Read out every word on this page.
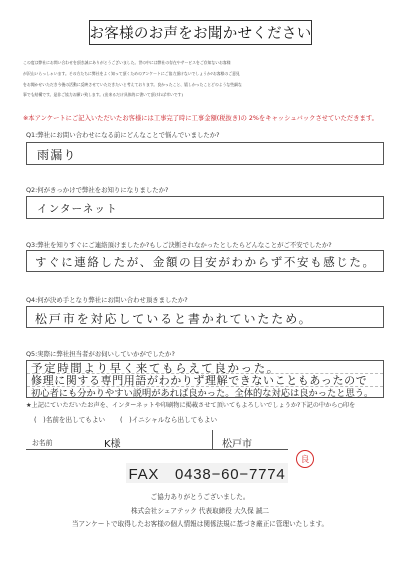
お客様のお声をお聞かせください
この度は弊社にお問い合わせを頂き誠にありがとうございました。世の中には弊社の存在やサービスをご存知ないお客様
が沢山いらっしゃいます。その方たちに弊社をよく知って頂くためのアンケートにご協力頂けないでしょうか?お客様のご意見
をお聞かせいただき今後の活動に反映させていただきたいと考えております。良かったこと、嬉しかったことどのような些細な
事でも結構です。是非ご協力お願い致します。(出来るだけ具体的に書いて頂ければ幸いです)
※本アンケートにご記入いただいたお客様には工事完了時に工事金額(税抜き)の 2%をキャッシュバックさせていただきます。
Q1:弊社にお問い合わせになる前にどんなことで悩んでいましたか?
雨漏り
Q2:何がきっかけで弊社をお知りになりましたか?
インターネット
Q3:弊社を知りすぐにご連絡頂けましたか?もしご決断されなかったとしたらどんなことがご不安でしたか?
すぐに連絡したが、金額の目安がわからず不安も感じた。
Q4:何が決め手となり弊社にお問い合わせ頂きましたか?
松戸市を対応していると書かれていたため。
Q5:実際に弊社担当者がお伺いしていかがでしたか?
予定時間より早く来てもらえて良かった。
修理に関する専門用語がわかりず理解できないこともあったので
初心者にも分かりやすい説明があれば良かった。全体的な対応は良かったと思う。
★上記にていただいたお声を、インターネットや印刷物に掲載させて頂いてもよろしいでしょうか?下記の中から○印を
(　)名前を出してもよい (　)イニシャルなら出してもよい
お名前	K様	松戸市
良
FAX　0438−60−7774
ご協力ありがとうございました。
株式会社シェアテック 代表取締役 大久保 誠二
当アンケートで取得したお客様の個人情報は関係法規に基づき厳正に管理いたします。
